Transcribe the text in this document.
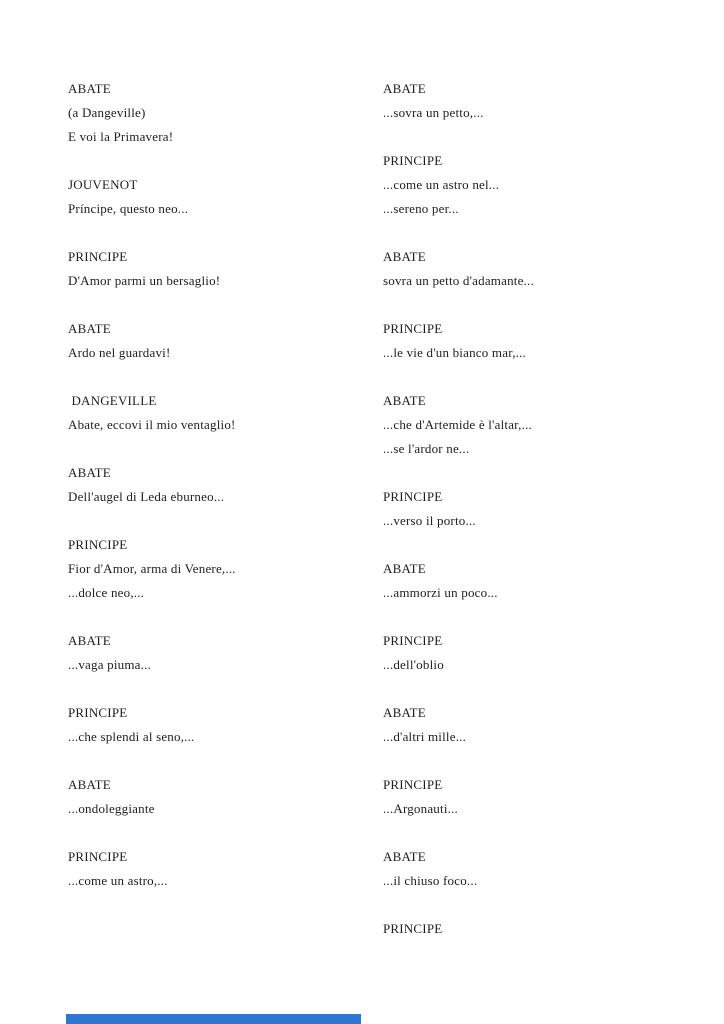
ABATE
(a Dangeville)
E voi la Primavera!
JOUVENOT
Príncipe, questo neo...
PRINCIPE
D'Amor parmi un bersaglio!
ABATE
Ardo nel guardavi!
DANGEVILLE
Abate, eccovi il mio ventaglio!
ABATE
Dell'augel di Leda eburneo...
PRINCIPE
Fior d'Amor, arma di Venere,...
...dolce neo,...
ABATE
...vaga piuma...
PRINCIPE
...che splendi al seno,...
ABATE
...ondoleggiante
PRINCIPE
...come un astro,...
ABATE
...sovra un petto,...
PRINCIPE
...come un astro nel...
...sereno per...
ABATE
sovra un petto d'adamante...
PRINCIPE
...le vie d'un bianco mar,...
ABATE
...che d'Artemide è l'altar,...
...se l'ardor ne...
PRINCIPE
...verso il porto...
ABATE
...ammorzi un poco...
PRINCIPE
...dell'oblio
ABATE
...d'altri mille...
PRINCIPE
...Argonauti...
ABATE
...il chiuso foco...
PRINCIPE
